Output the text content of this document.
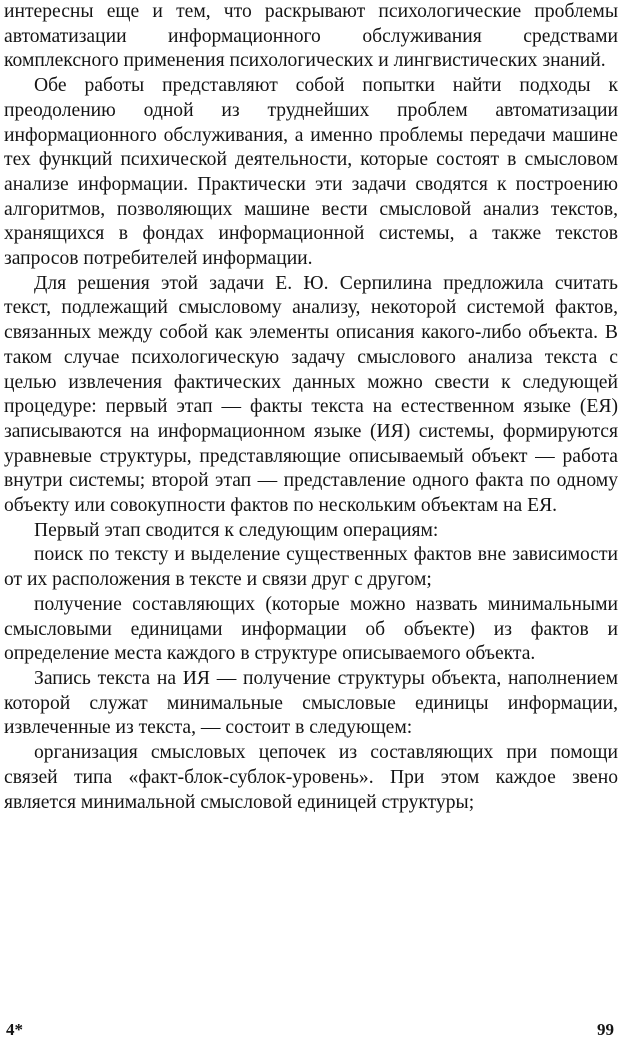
интересны еще и тем, что раскрывают психологические проблемы автоматизации информационного обслуживания средствами комплексного применения психологических и лингвистических знаний.

Обе работы представляют собой попытки найти подходы к преодолению одной из труднейших проблем автоматизации информационного обслуживания, а именно проблемы передачи машине тех функций психической деятельности, которые состоят в смысловом анализе информации. Практически эти задачи сводятся к построению алгоритмов, позволяющих машине вести смысловой анализ текстов, хранящихся в фондах информационной системы, а также текстов запросов потребителей информации.

Для решения этой задачи Е. Ю. Серпилина предложила считать текст, подлежащий смысловому анализу, некоторой системой фактов, связанных между собой как элементы описания какого-либо объекта. В таком случае психологическую задачу смыслового анализа текста с целью извлечения фактических данных можно свести к следующей процедуре: первый этап — факты текста на естественном языке (ЕЯ) записываются на информационном языке (ИЯ) системы, формируются уравневые структуры, представляющие описываемый объект — работа внутри системы; второй этап — представление одного факта по одному объекту или совокупности фактов по нескольким объектам на ЕЯ.

Первый этап сводится к следующим операциям:

поиск по тексту и выделение существенных фактов вне зависимости от их расположения в тексте и связи друг с другом;

получение составляющих (которые можно назвать минимальными смысловыми единицами информации об объекте) из фактов и определение места каждого в структуре описываемого объекта.

Запись текста на ИЯ — получение структуры объекта, наполнением которой служат минимальные смысловые единицы информации, извлеченные из текста, — состоит в следующем:

организация смысловых цепочек из составляющих при помощи связей типа «факт-блок-сублок-уровень». При этом каждое звено является минимальной смысловой единицей структуры;

4*	99
